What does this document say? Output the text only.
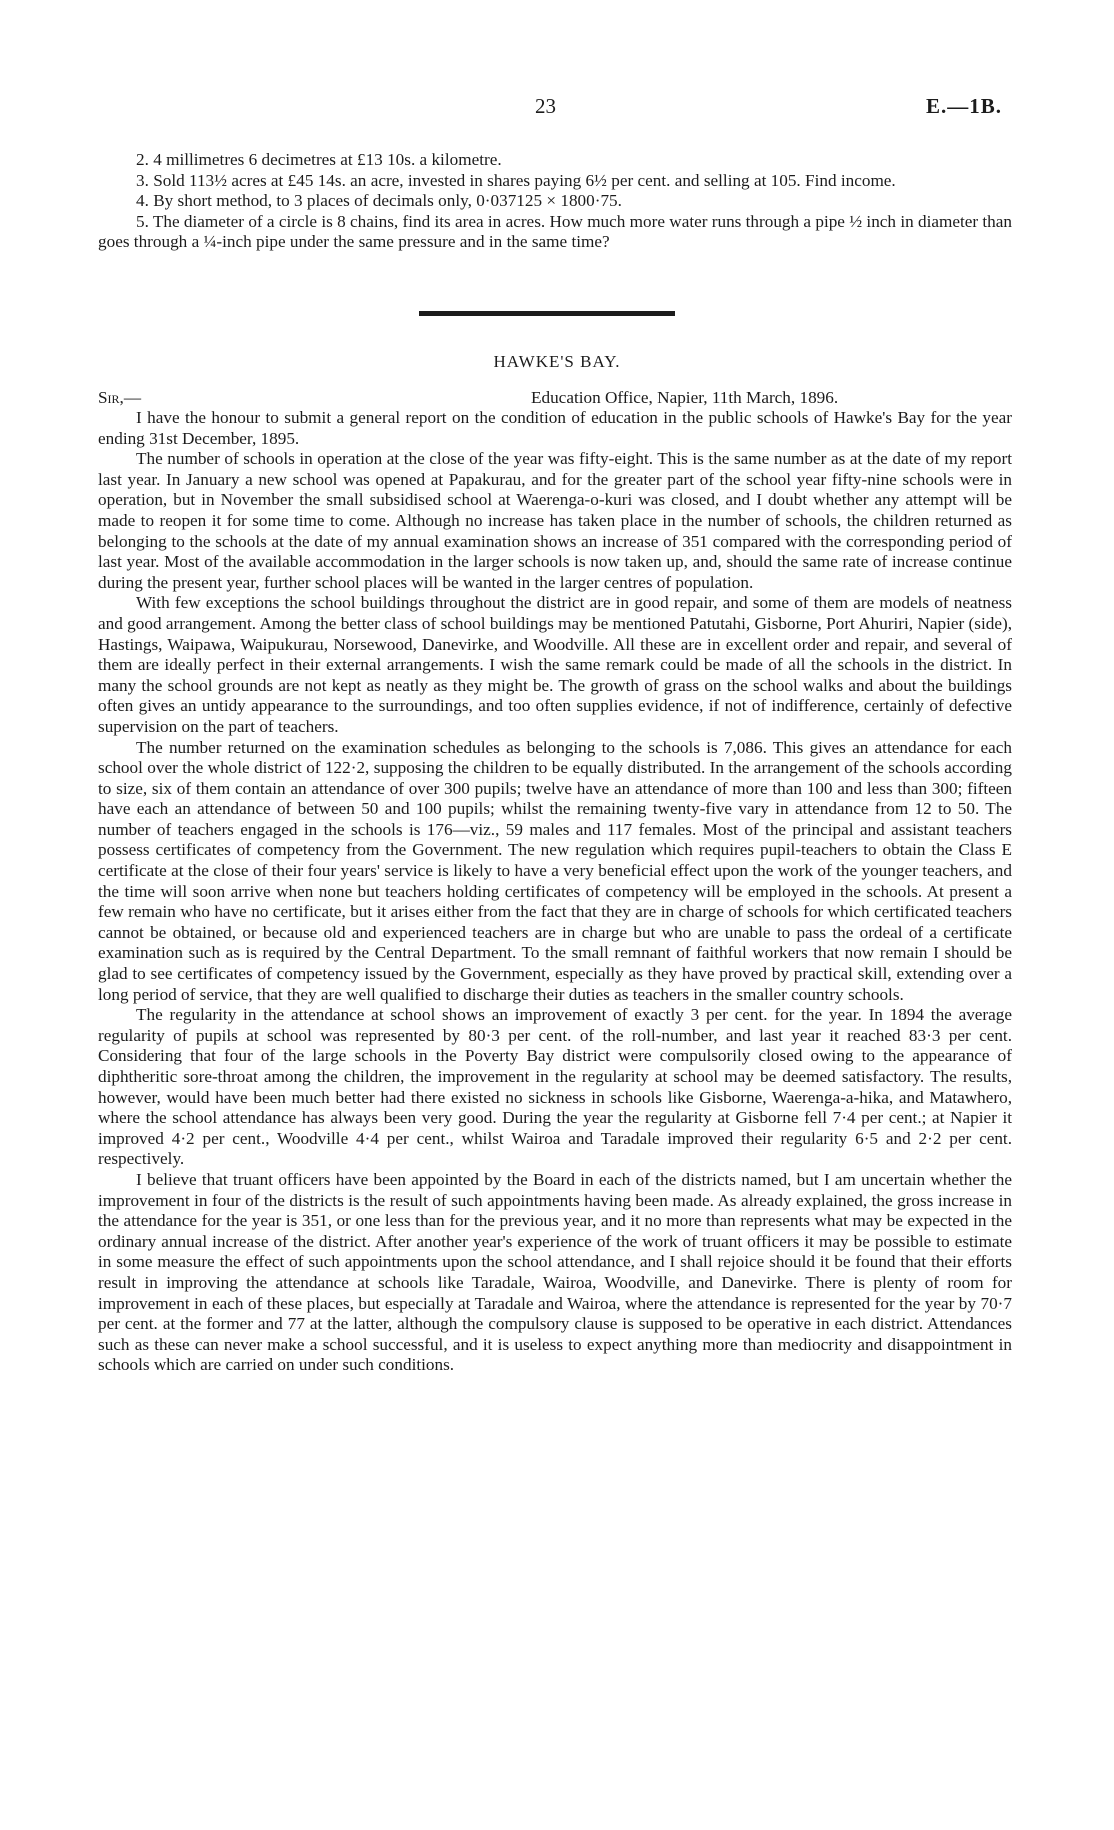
23	E.—1B.

2. 4 millimetres 6 decimetres at £13 10s. a kilometre.

3. Sold 113½ acres at £45 14s. an acre, invested in shares paying 6½ per cent. and selling at 105. Find income.

4. By short method, to 3 places of decimals only, 0·037125 × 1800·75.

5. The diameter of a circle is 8 chains, find its area in acres. How much more water runs through a pipe ½ inch in diameter than goes through a ¼-inch pipe under the same pressure and in the same time?

HAWKE'S BAY.
Sir,—	Education Office, Napier, 11th March, 1896.

I have the honour to submit a general report on the condition of education in the public schools of Hawke's Bay for the year ending 31st December, 1895.

The number of schools in operation at the close of the year was fifty-eight. This is the same number as at the date of my report last year. In January a new school was opened at Papakurau, and for the greater part of the school year fifty-nine schools were in operation, but in November the small subsidised school at Waerenga-o-kuri was closed, and I doubt whether any attempt will be made to reopen it for some time to come. Although no increase has taken place in the number of schools, the children returned as belonging to the schools at the date of my annual examination shows an increase of 351 compared with the corresponding period of last year. Most of the available accommodation in the larger schools is now taken up, and, should the same rate of increase continue during the present year, further school places will be wanted in the larger centres of population.

With few exceptions the school buildings throughout the district are in good repair, and some of them are models of neatness and good arrangement. Among the better class of school buildings may be mentioned Patutahi, Gisborne, Port Ahuriri, Napier (side), Hastings, Waipawa, Waipukurau, Norsewood, Danevirke, and Woodville. All these are in excellent order and repair, and several of them are ideally perfect in their external arrangements. I wish the same remark could be made of all the schools in the district. In many the school grounds are not kept as neatly as they might be. The growth of grass on the school walks and about the buildings often gives an untidy appearance to the surroundings, and too often supplies evidence, if not of indifference, certainly of defective supervision on the part of teachers.

The number returned on the examination schedules as belonging to the schools is 7,086. This gives an attendance for each school over the whole district of 122·2, supposing the children to be equally distributed. In the arrangement of the schools according to size, six of them contain an attendance of over 300 pupils; twelve have an attendance of more than 100 and less than 300; fifteen have each an attendance of between 50 and 100 pupils; whilst the remaining twenty-five vary in attendance from 12 to 50. The number of teachers engaged in the schools is 176—viz., 59 males and 117 females. Most of the principal and assistant teachers possess certificates of competency from the Government. The new regulation which requires pupil-teachers to obtain the Class E certificate at the close of their four years' service is likely to have a very beneficial effect upon the work of the younger teachers, and the time will soon arrive when none but teachers holding certificates of competency will be employed in the schools. At present a few remain who have no certificate, but it arises either from the fact that they are in charge of schools for which certificated teachers cannot be obtained, or because old and experienced teachers are in charge but who are unable to pass the ordeal of a certificate examination such as is required by the Central Department. To the small remnant of faithful workers that now remain I should be glad to see certificates of competency issued by the Government, especially as they have proved by practical skill, extending over a long period of service, that they are well qualified to discharge their duties as teachers in the smaller country schools.

The regularity in the attendance at school shows an improvement of exactly 3 per cent. for the year. In 1894 the average regularity of pupils at school was represented by 80·3 per cent. of the roll-number, and last year it reached 83·3 per cent. Considering that four of the large schools in the Poverty Bay district were compulsorily closed owing to the appearance of diphtheritic sore-throat among the children, the improvement in the regularity at school may be deemed satisfactory. The results, however, would have been much better had there existed no sickness in schools like Gisborne, Waerenga-a-hika, and Matawhero, where the school attendance has always been very good. During the year the regularity at Gisborne fell 7·4 per cent.; at Napier it improved 4·2 per cent., Woodville 4·4 per cent., whilst Wairoa and Taradale improved their regularity 6·5 and 2·2 per cent. respectively.

I believe that truant officers have been appointed by the Board in each of the districts named, but I am uncertain whether the improvement in four of the districts is the result of such appointments having been made. As already explained, the gross increase in the attendance for the year is 351, or one less than for the previous year, and it no more than represents what may be expected in the ordinary annual increase of the district. After another year's experience of the work of truant officers it may be possible to estimate in some measure the effect of such appointments upon the school attendance, and I shall rejoice should it be found that their efforts result in improving the attendance at schools like Taradale, Wairoa, Woodville, and Danevirke. There is plenty of room for improvement in each of these places, but especially at Taradale and Wairoa, where the attendance is represented for the year by 70·7 per cent. at the former and 77 at the latter, although the compulsory clause is supposed to be operative in each district. Attendances such as these can never make a school successful, and it is useless to expect anything more than mediocrity and disappointment in schools which are carried on under such conditions.
